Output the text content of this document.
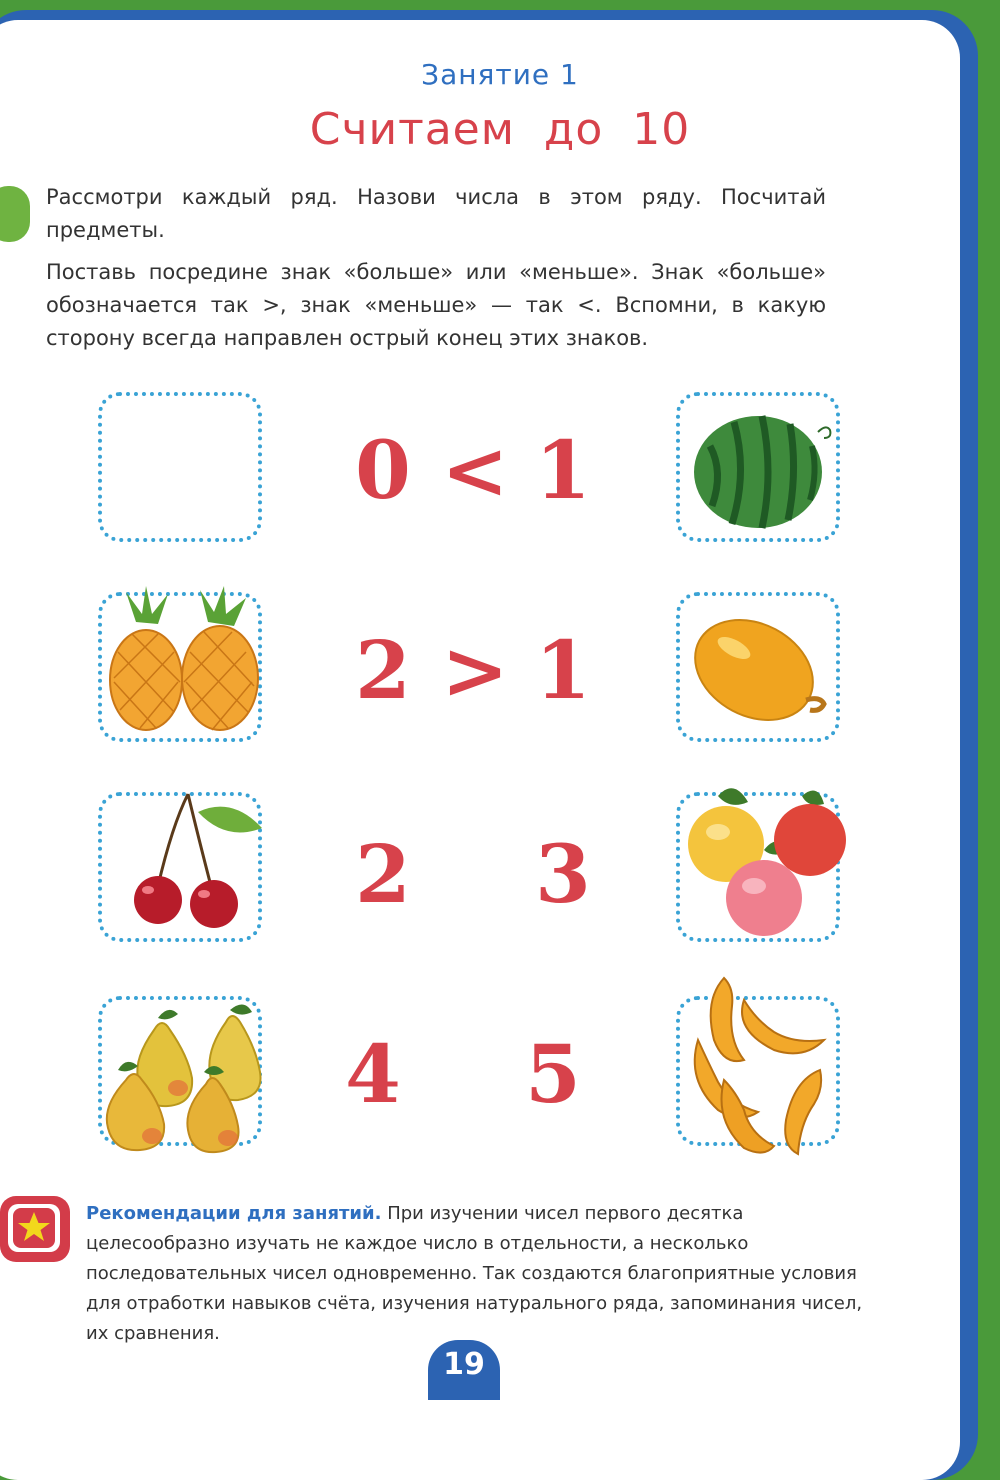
Занятие 1
Считаем до 10
Рассмотри каждый ряд. Назови числа в этом ряду. Посчитай предметы.
Поставь посредине знак «больше» или «меньше». Знак «больше» обозначается так >, знак «меньше» — так <. Вспомни, в какую сторону всегда направлен острый конец этих знаков.
0 < 1
2 > 1
2 3
4 5
Рекомендации для занятий. При изучении чисел первого десятка целесообразно изучать не каждое число в отдельности, а несколько последовательных чисел одновременно. Так создаются благоприятные условия для отработки навыков счёта, изучения натурального ряда, запоминания чисел, их сравнения.
19
